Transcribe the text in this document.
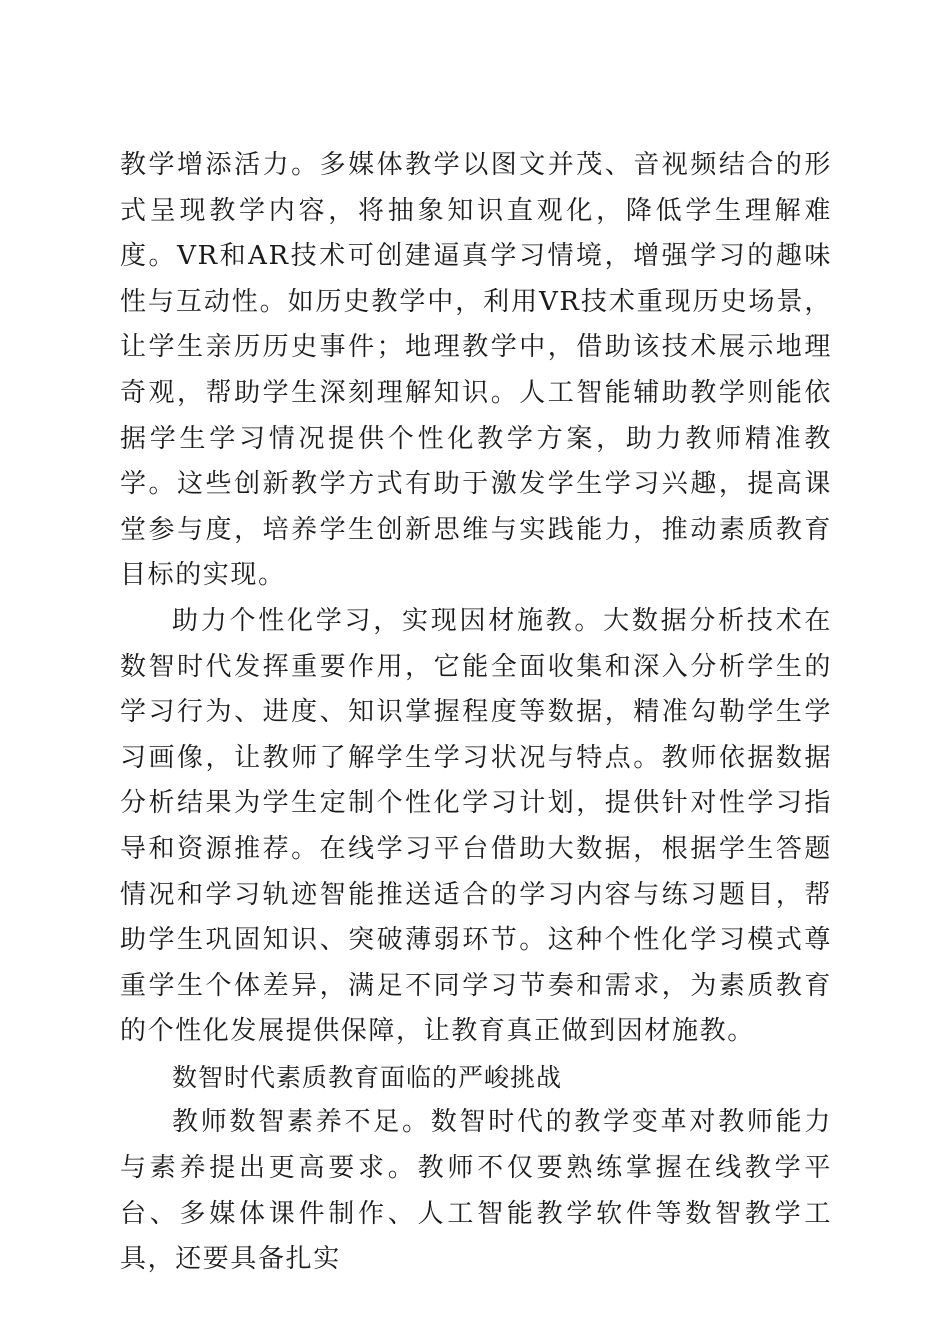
教学增添活力。多媒体教学以图文并茂、音视频结合的形式呈现教学内容，将抽象知识直观化，降低学生理解难度。VR和AR技术可创建逼真学习情境，增强学习的趣味性与互动性。如历史教学中，利用VR技术重现历史场景，让学生亲历历史事件；地理教学中，借助该技术展示地理奇观，帮助学生深刻理解知识。人工智能辅助教学则能依据学生学习情况提供个性化教学方案，助力教师精准教学。这些创新教学方式有助于激发学生学习兴趣，提高课堂参与度，培养学生创新思维与实践能力，推动素质教育目标的实现。

助力个性化学习，实现因材施教。大数据分析技术在数智时代发挥重要作用，它能全面收集和深入分析学生的学习行为、进度、知识掌握程度等数据，精准勾勒学生学习画像，让教师了解学生学习状况与特点。教师依据数据分析结果为学生定制个性化学习计划，提供针对性学习指导和资源推荐。在线学习平台借助大数据，根据学生答题情况和学习轨迹智能推送适合的学习内容与练习题目，帮助学生巩固知识、突破薄弱环节。这种个性化学习模式尊重学生个体差异，满足不同学习节奏和需求，为素质教育的个性化发展提供保障，让教育真正做到因材施教。

数智时代素质教育面临的严峻挑战

教师数智素养不足。数智时代的教学变革对教师能力与素养提出更高要求。教师不仅要熟练掌握在线教学平台、多媒体课件制作、人工智能教学软件等数智教学工具，还要具备扎实
